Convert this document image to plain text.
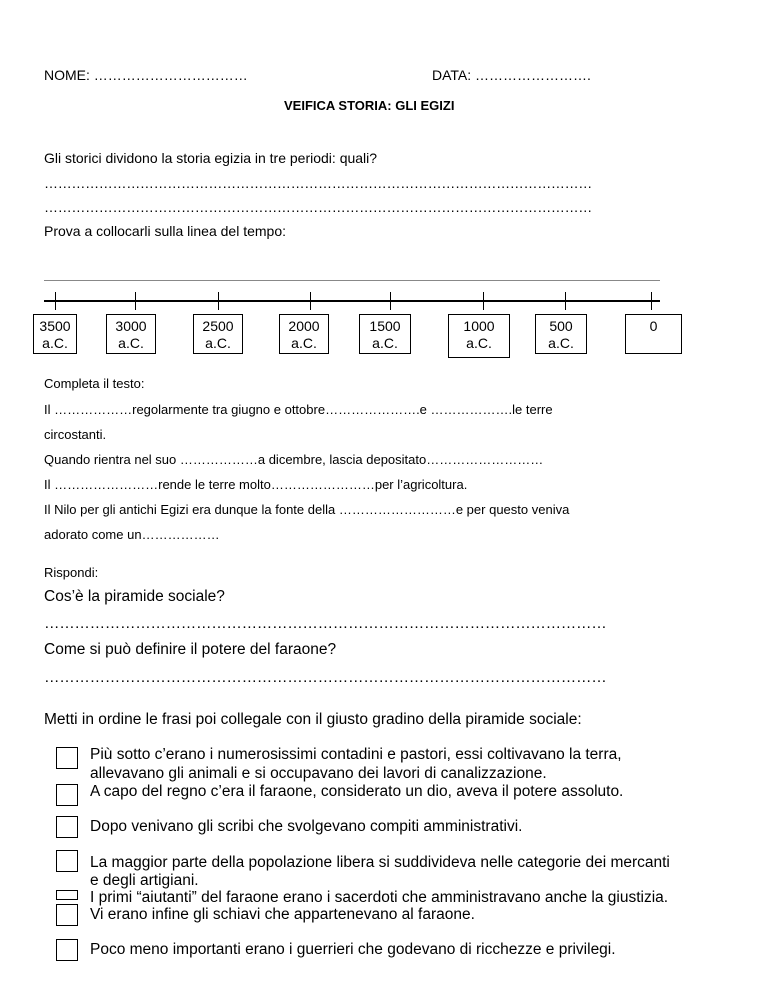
NOME: ……………………………	DATA: …………………….
VEIFICA STORIA: GLI EGIZI
Gli storici dividono la storia egizia in tre periodi: quali?
…………………………………………………………………………………………………………
…………………………………………………………………………………………………………
Prova a collocarli sulla linea del tempo:
3500
a.C.
3000
a.C.
2500
a.C.
2000
a.C.
1500
a.C.
1000
a.C.
500
a.C.
0
Completa il testo:
Il ………………regolarmente tra giugno e ottobre………………….e ……………….le terre
circostanti.
Quando rientra nel suo ………………a dicembre, lascia depositato………………………
Il ……………………rende le terre molto……………………per l’agricoltura.
Il Nilo per gli antichi Egizi era dunque la fonte della ………………………e per questo veniva
adorato come un………………
Rispondi:
Cos’è la piramide sociale?
…………………………………………………………………………………………………
Come si può definire il potere del faraone?
…………………………………………………………………………………………………
Metti in ordine le frasi poi collegale con il giusto gradino della piramide sociale:
Più sotto c’erano i numerosissimi contadini e pastori, essi coltivavano la terra,
allevavano gli animali e si occupavano dei lavori di canalizzazione.
A capo del regno c’era il faraone, considerato un dio, aveva il potere assoluto.
Dopo venivano gli scribi che svolgevano compiti amministrativi.
La maggior parte della popolazione libera si suddivideva nelle categorie dei mercanti
e degli artigiani.
I primi “aiutanti” del faraone erano i sacerdoti che amministravano anche la giustizia.
Vi erano infine gli schiavi che appartenevano al faraone.
Poco meno importanti erano i guerrieri che godevano di ricchezze e privilegi.
